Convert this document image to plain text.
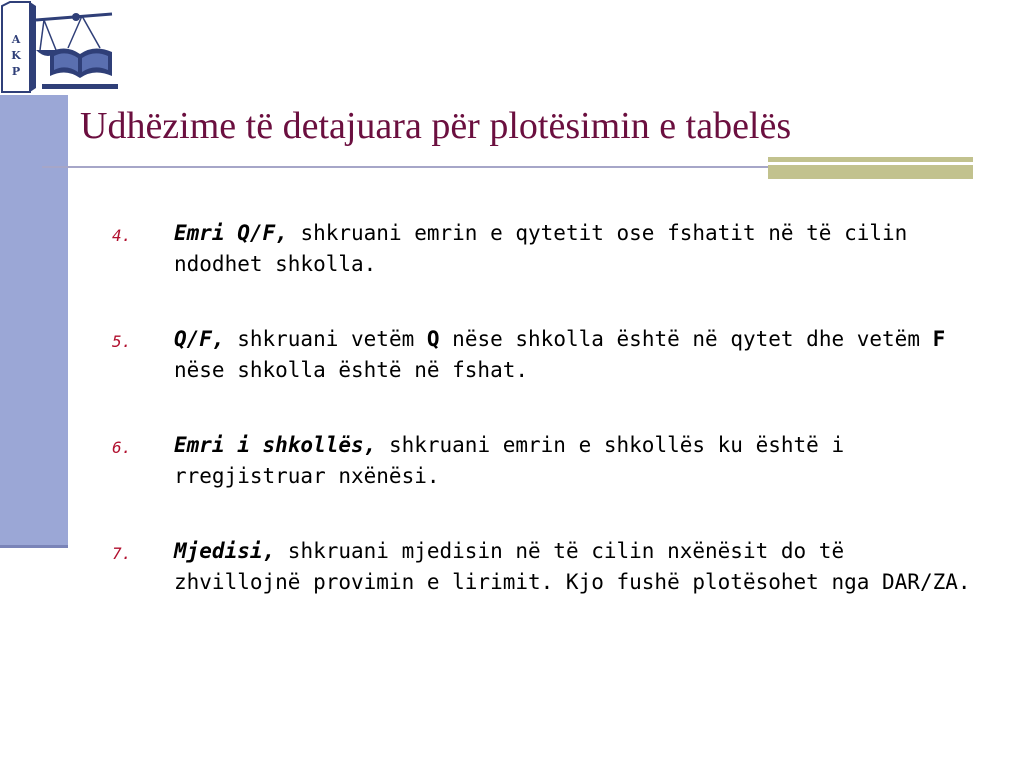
A
K
P
Udhëzime të detajuara për plotësimin e tabelës
4. Emri Q/F, shkruani emrin e qytetit ose fshatit në të cilin ndodhet shkolla.
5. Q/F, shkruani vetëm Q nëse shkolla është në qytet dhe vetëm F nëse shkolla është në fshat.
6. Emri i shkollës, shkruani emrin e shkollës ku është i rregjistruar nxënësi.
7. Mjedisi, shkruani mjedisin në të cilin nxënësit do të zhvillojnë provimin e lirimit. Kjo fushë plotësohet nga DAR/ZA.
